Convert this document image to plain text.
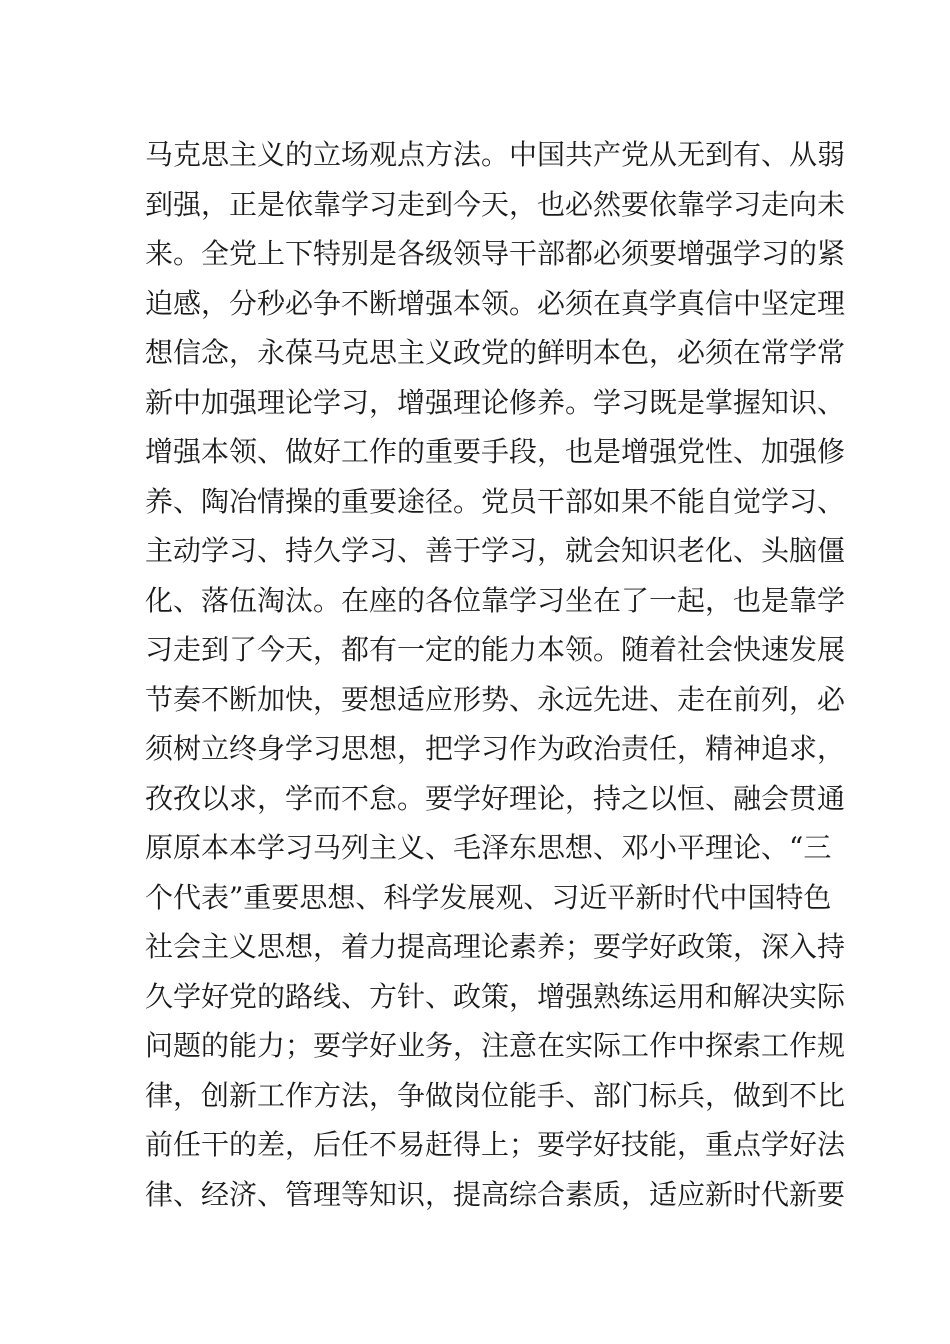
马克思主义的立场观点方法。中国共产党从无到有、从弱
到强，正是依靠学习走到今天，也必然要依靠学习走向未
来。全党上下特别是各级领导干部都必须要增强学习的紧
迫感，分秒必争不断增强本领。必须在真学真信中坚定理
想信念，永葆马克思主义政党的鲜明本色，必须在常学常
新中加强理论学习，增强理论修养。学习既是掌握知识、
增强本领、做好工作的重要手段，也是增强党性、加强修
养、陶冶情操的重要途径。党员干部如果不能自觉学习、
主动学习、持久学习、善于学习，就会知识老化、头脑僵
化、落伍淘汰。在座的各位靠学习坐在了一起，也是靠学
习走到了今天，都有一定的能力本领。随着社会快速发展
节奏不断加快，要想适应形势、永远先进、走在前列，必
须树立终身学习思想，把学习作为政治责任，精神追求，
孜孜以求，学而不怠。要学好理论，持之以恒、融会贯通
原原本本学习马列主义、毛泽东思想、邓小平理论、“三
个代表”重要思想、科学发展观、习近平新时代中国特色
社会主义思想，着力提高理论素养；要学好政策，深入持
久学好党的路线、方针、政策，增强熟练运用和解决实际
问题的能力；要学好业务，注意在实际工作中探索工作规
律，创新工作方法，争做岗位能手、部门标兵，做到不比
前任干的差，后任不易赶得上；要学好技能，重点学好法
律、经济、管理等知识，提高综合素质，适应新时代新要
